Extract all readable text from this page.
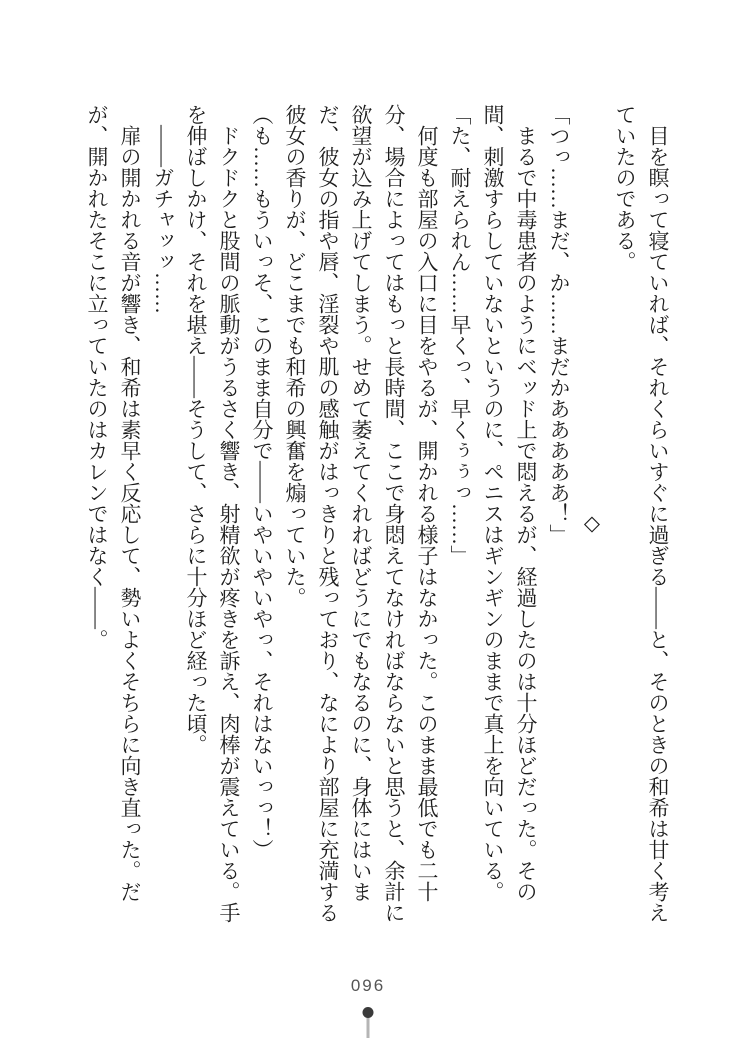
目を瞑って寝ていれば、それくらいすぐに過ぎる――と、そのときの和希は甘く考えていたのである。

◇

「つっ……まだ、か……まだかあああああ！」

まるで中毒患者のようにベッド上で悶えるが、経過したのは十分ほどだった。その間、刺激すらしていないというのに、ペニスはギンギンのままで真上を向いている。

「た、耐えられん……早くっ、早くぅぅっ……」

何度も部屋の入口に目をやるが、開かれる様子はなかった。このまま最低でも二十分、場合によってはもっと長時間、ここで身悶えてなければならないと思うと、余計に欲望が込み上げてしまう。せめて萎えてくれればどうにでもなるのに、身体にはいまだ、彼女の指や唇、淫裂や肌の感触がはっきりと残っており、なにより部屋に充満する彼女の香りが、どこまでも和希の興奮を煽っていた。

（も……もういっそ、このまま自分で――いやいやいやっ、それはないっっ！）

ドクドクと股間の脈動がうるさく響き、射精欲が疼きを訴え、肉棒が震えている。手を伸ばしかけ、それを堪え――そうして、さらに十分ほど経った頃。

――ガチャッッ……

扉の開かれる音が響き、和希は素早く反応して、勢いよくそちらに向き直った。だが、開かれたそこに立っていたのはカレンではなく――。

096
